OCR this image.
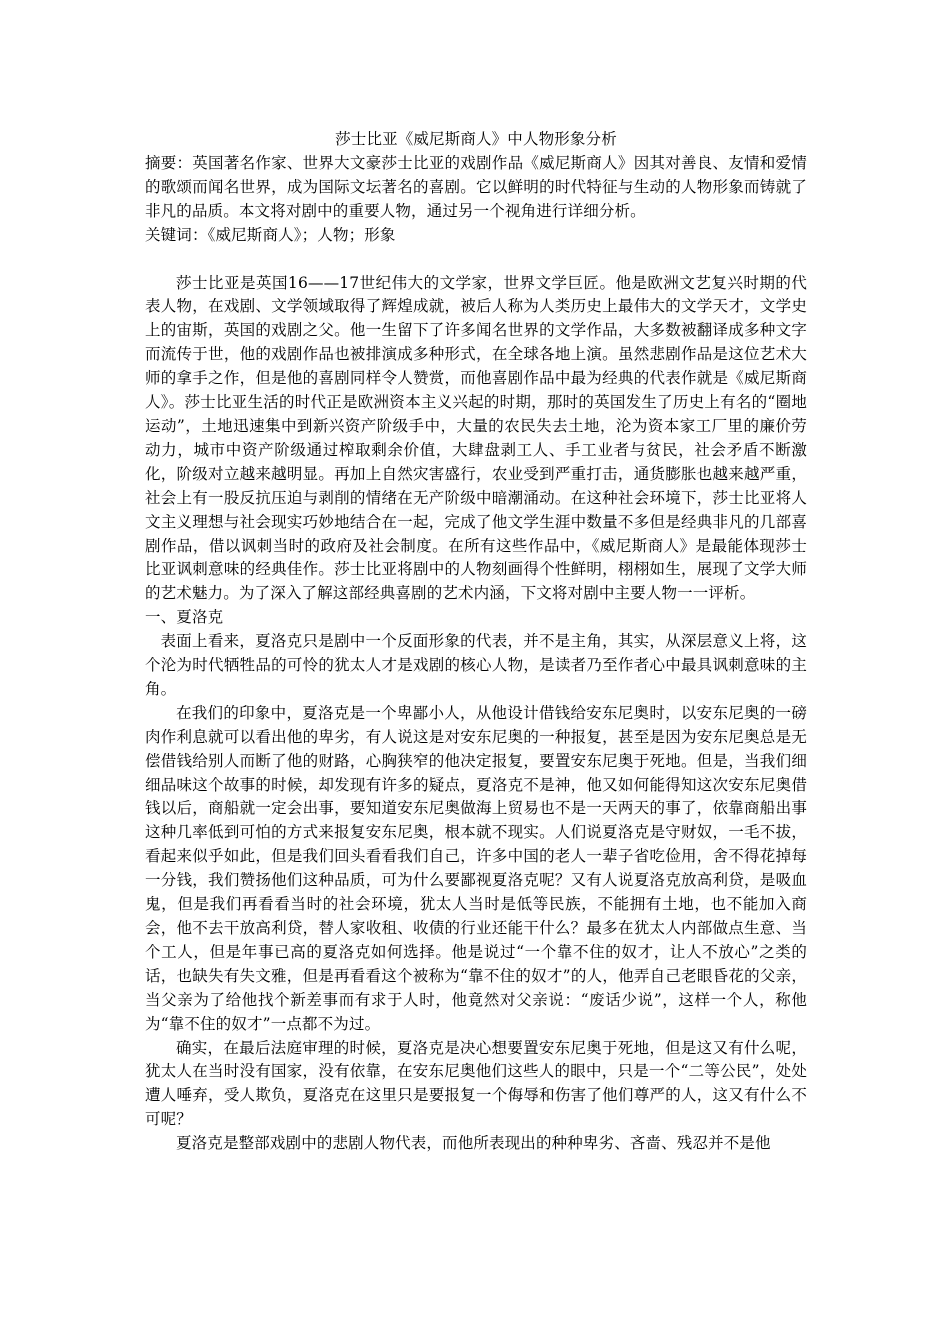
莎士比亚《威尼斯商人》中人物形象分析

摘要：英国著名作家、世界大文豪莎士比亚的戏剧作品《威尼斯商人》因其对善良、友情和爱情的歌颂而闻名世界，成为国际文坛著名的喜剧。它以鲜明的时代特征与生动的人物形象而铸就了非凡的品质。本文将对剧中的重要人物，通过另一个视角进行详细分析。

关键词：《威尼斯商人》；人物；形象

莎士比亚是英国16——17世纪伟大的文学家，世界文学巨匠。他是欧洲文艺复兴时期的代表人物，在戏剧、文学领域取得了辉煌成就，被后人称为人类历史上最伟大的文学天才，文学史上的宙斯，英国的戏剧之父。他一生留下了许多闻名世界的文学作品，大多数被翻译成多种文字而流传于世，他的戏剧作品也被排演成多种形式，在全球各地上演。虽然悲剧作品是这位艺术大师的拿手之作，但是他的喜剧同样令人赞赏，而他喜剧作品中最为经典的代表作就是《威尼斯商人》。莎士比亚生活的时代正是欧洲资本主义兴起的时期，那时的英国发生了历史上有名的“圈地运动”，土地迅速集中到新兴资产阶级手中，大量的农民失去土地，沦为资本家工厂里的廉价劳动力，城市中资产阶级通过榨取剩余价值，大肆盘剥工人、手工业者与贫民，社会矛盾不断激化，阶级对立越来越明显。再加上自然灾害盛行，农业受到严重打击，通货膨胀也越来越严重，社会上有一股反抗压迫与剥削的情绪在无产阶级中暗潮涌动。在这种社会环境下，莎士比亚将人文主义理想与社会现实巧妙地结合在一起，完成了他文学生涯中数量不多但是经典非凡的几部喜剧作品，借以讽刺当时的政府及社会制度。在所有这些作品中，《威尼斯商人》是最能体现莎士比亚讽刺意味的经典佳作。莎士比亚将剧中的人物刻画得个性鲜明，栩栩如生，展现了文学大师的艺术魅力。为了深入了解这部经典喜剧的艺术内涵，下文将对剧中主要人物一一评析。

一、夏洛克

表面上看来，夏洛克只是剧中一个反面形象的代表，并不是主角，其实，从深层意义上将，这个沦为时代牺牲品的可怜的犹太人才是戏剧的核心人物，是读者乃至作者心中最具讽刺意味的主角。

在我们的印象中，夏洛克是一个卑鄙小人，从他设计借钱给安东尼奥时，以安东尼奥的一磅肉作利息就可以看出他的卑劣，有人说这是对安东尼奥的一种报复，甚至是因为安东尼奥总是无偿借钱给别人而断了他的财路，心胸狭窄的他决定报复，要置安东尼奥于死地。但是，当我们细细品味这个故事的时候，却发现有许多的疑点，夏洛克不是神，他又如何能得知这次安东尼奥借钱以后，商船就一定会出事，要知道安东尼奥做海上贸易也不是一天两天的事了，依靠商船出事这种几率低到可怕的方式来报复安东尼奥，根本就不现实。人们说夏洛克是守财奴，一毛不拔，看起来似乎如此，但是我们回头看看我们自己，许多中国的老人一辈子省吃俭用，舍不得花掉每一分钱，我们赞扬他们这种品质，可为什么要鄙视夏洛克呢？又有人说夏洛克放高利贷，是吸血鬼，但是我们再看看当时的社会环境，犹太人当时是低等民族，不能拥有土地，也不能加入商会，他不去干放高利贷，替人家收租、收债的行业还能干什么？最多在犹太人内部做点生意、当个工人，但是年事已高的夏洛克如何选择。他是说过“一个靠不住的奴才，让人不放心”之类的话，也缺失有失文雅，但是再看看这个被称为“靠不住的奴才”的人，他弄自己老眼昏花的父亲，当父亲为了给他找个新差事而有求于人时，他竟然对父亲说：“废话少说”，这样一个人，称他为“靠不住的奴才”一点都不为过。

确实，在最后法庭审理的时候，夏洛克是决心想要置安东尼奥于死地，但是这又有什么呢，犹太人在当时没有国家，没有依靠，在安东尼奥他们这些人的眼中，只是一个“二等公民”，处处遭人唾弃，受人欺负，夏洛克在这里只是要报复一个侮辱和伤害了他们尊严的人，这又有什么不可呢？

夏洛克是整部戏剧中的悲剧人物代表，而他所表现出的种种卑劣、吝啬、残忍并不是他
